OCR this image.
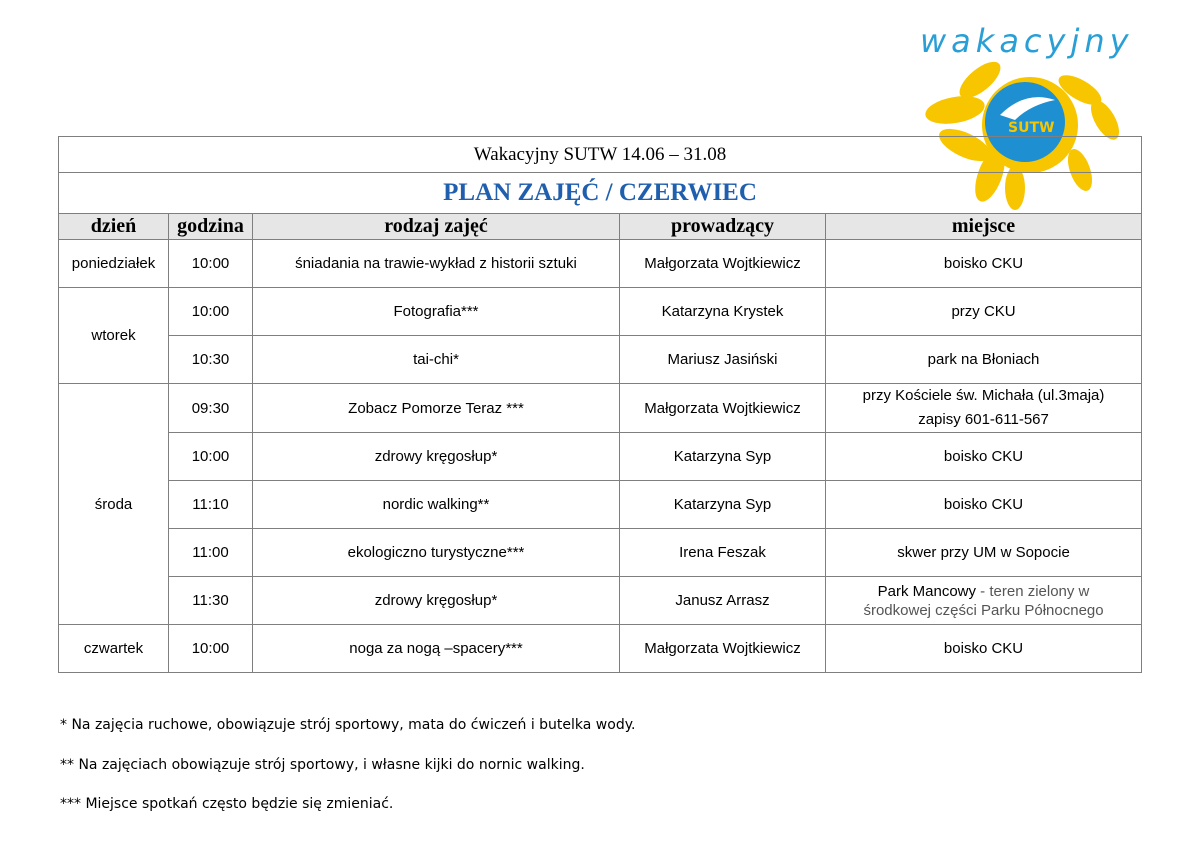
wakacyjny
SUTW
Wakacyjny SUTW 14.06 – 31.08				
PLAN ZAJĘĆ / CZERWIEC				
dzień	godzina	rodzaj zajęć	prowadzący	miejsce
poniedziałek	10:00	śniadania na trawie-wykład z historii sztuki	Małgorzata Wojtkiewicz	boisko CKU
wtorek	10:00	Fotografia***	Katarzyna Krystek	przy CKU
	10:30	tai-chi*	Mariusz Jasiński	park na Błoniach
środa	09:30	Zobacz Pomorze Teraz ***	Małgorzata Wojtkiewicz	przy Kościele św. Michała (ul.3maja)
zapisy 601-611-567

	10:00	zdrowy kręgosłup*	Katarzyna Syp	boisko CKU
	11:10	nordic walking**	Katarzyna Syp	boisko CKU
	11:00	ekologiczno turystyczne***	Irena Feszak	skwer przy UM w Sopocie
	11:30	zdrowy kręgosłup*	Janusz Arrasz	Park Mancowy - teren zielony w
środkowej części Parku Północnego

czwartek	10:00	noga za nogą –spacery***	Małgorzata Wojtkiewicz	boisko CKU
* Na zajęcia ruchowe, obowiązuje strój sportowy, mata do ćwiczeń i butelka wody.
** Na zajęciach obowiązuje strój sportowy, i własne kijki do nornic walking.
*** Miejsce spotkań często będzie się zmieniać.
